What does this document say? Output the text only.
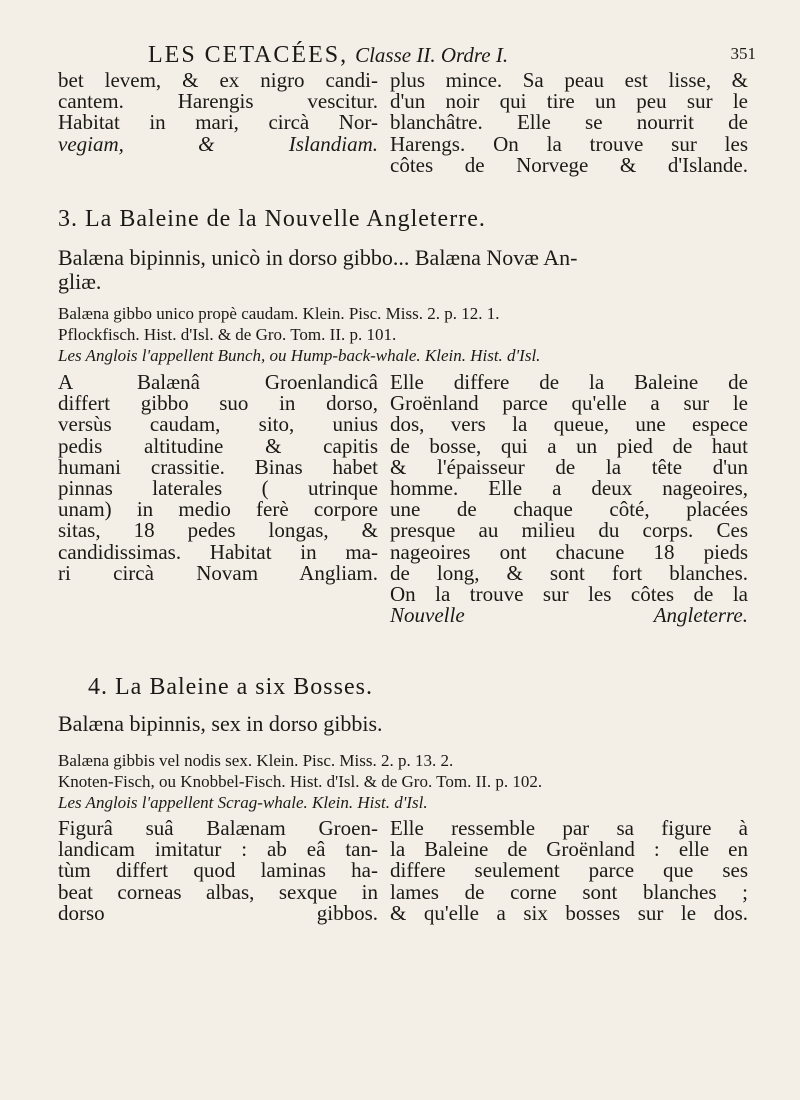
LES CETACÉES, Classe II. Ordre I.	351
bet levem, & ex nigro candi-
cantem. Harengis vescitur.
Habitat in mari, circà Nor-
vegiam, & Islandiam.
plus mince. Sa peau est lisse, &
d'un noir qui tire un peu sur le
blanchâtre. Elle se nourrit de
Harengs. On la trouve sur les
côtes de Norvege & d'Islande.
3. La Baleine de la Nouvelle Angleterre.
Balæna bipinnis, unicò in dorso gibbo... Balæna Novæ An-
gliæ.
Balæna gibbo unico propè caudam. Klein. Pisc. Miss. 2. p. 12. 1.
Pflockfisch. Hist. d'Isl. & de Gro. Tom. II. p. 101.
Les Anglois l'appellent Bunch, ou Hump-back-whale. Klein. Hist. d'Isl.
A Balænâ Groenlandicâ
differt gibbo suo in dorso,
versùs caudam, sito, unius
pedis altitudine & capitis
humani crassitie. Binas habet
pinnas laterales ( utrinque
unam) in medio ferè corpore
sitas, 18 pedes longas, &
candidissimas. Habitat in ma-
ri circà Novam Angliam.
Elle differe de la Baleine de
Groënland parce qu'elle a sur le
dos, vers la queue, une espece
de bosse, qui a un pied de haut
& l'épaisseur de la tête d'un
homme. Elle a deux nageoires,
une de chaque côté, placées
presque au milieu du corps. Ces
nageoires ont chacune 18 pieds
de long, & sont fort blanches.
On la trouve sur les côtes de la
Nouvelle Angleterre.
4. La Baleine a six Bosses.
Balæna bipinnis, sex in dorso gibbis.
Balæna gibbis vel nodis sex. Klein. Pisc. Miss. 2. p. 13. 2.
Knoten-Fisch, ou Knobbel-Fisch. Hist. d'Isl. & de Gro. Tom. II. p. 102.
Les Anglois l'appellent Scrag-whale. Klein. Hist. d'Isl.
Figurâ suâ Balænam Groen-
landicam imitatur : ab eâ tan-
tùm differt quod laminas ha-
beat corneas albas, sexque in
dorso gibbos.
Elle ressemble par sa figure à
la Baleine de Groënland : elle en
differe seulement parce que ses
lames de corne sont blanches ;
& qu'elle a six bosses sur le dos.
